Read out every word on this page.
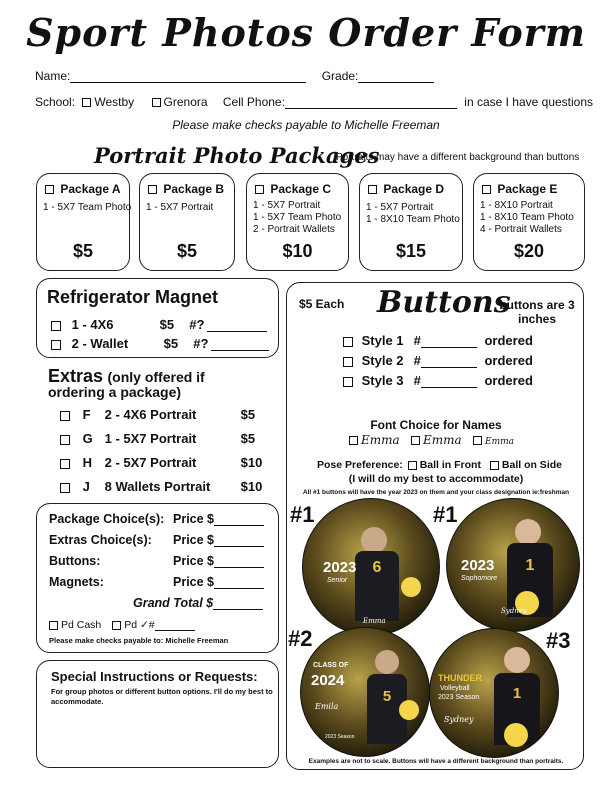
Sport Photos Order Form
Name:	Grade:
School: Westby Grenora Cell Phone:	in case I have questions
Please make checks payable to Michelle Freeman
Portrait Photo Packages
Portraits may have a different background than buttons
Package A
1 - 5X7 Team Photo
$5
Package B
1 - 5X7 Portrait
$5
Package C
1 - 5X7 Portrait
1 - 5X7 Team Photo
2 - Portrait Wallets
$10
Package D
1 - 5X7 Portrait
1 - 8X10 Team Photo
$15
Package E
1 - 8X10 Portrait
1 - 8X10 Team Photo
4 - Portrait Wallets
$20
Refrigerator Magnet
1 - 4X6	$5 #?
2 - Wallet	$5 #?
Extras (only offered if
ordering a package)
F 2 - 4X6 Portrait	$5
G 1 - 5X7 Portrait	$5
H 2 - 5X7 Portrait	$10
J 8 Wallets Portrait $10
Package Choice(s): Price $
Extras Choice(s): Price $
Buttons:	Price $
Magnets:	Price $
Grand Total $
Pd Cash Pd ✓#
Please make checks payable to: Michelle Freeman
Special Instructions or Requests:
For group photos or different button options. I'll do my best to accommodate.
$5 Each Buttons
buttons are 3 inches
Style 1 #	ordered
Style 2 #	ordered
Style 3 #	ordered
Font Choice for Names
Emma Emma	Emma
Pose Preference: Ball in Front Ball on Side
(I will do my best to accommodate)
All #1 buttons will have the year 2023 on them and your class designation ie:freshman
Examples are not to scale. Buttons will have a different background than portraits.
#1
6
2023
Senior
Emma
#1
1
2023
Sophomore
Sydney
#2
CLASS OF
2024
5
Emila
2023 Season
#3
THUNDER
Volleyball
2023 Season	1
Sydney
